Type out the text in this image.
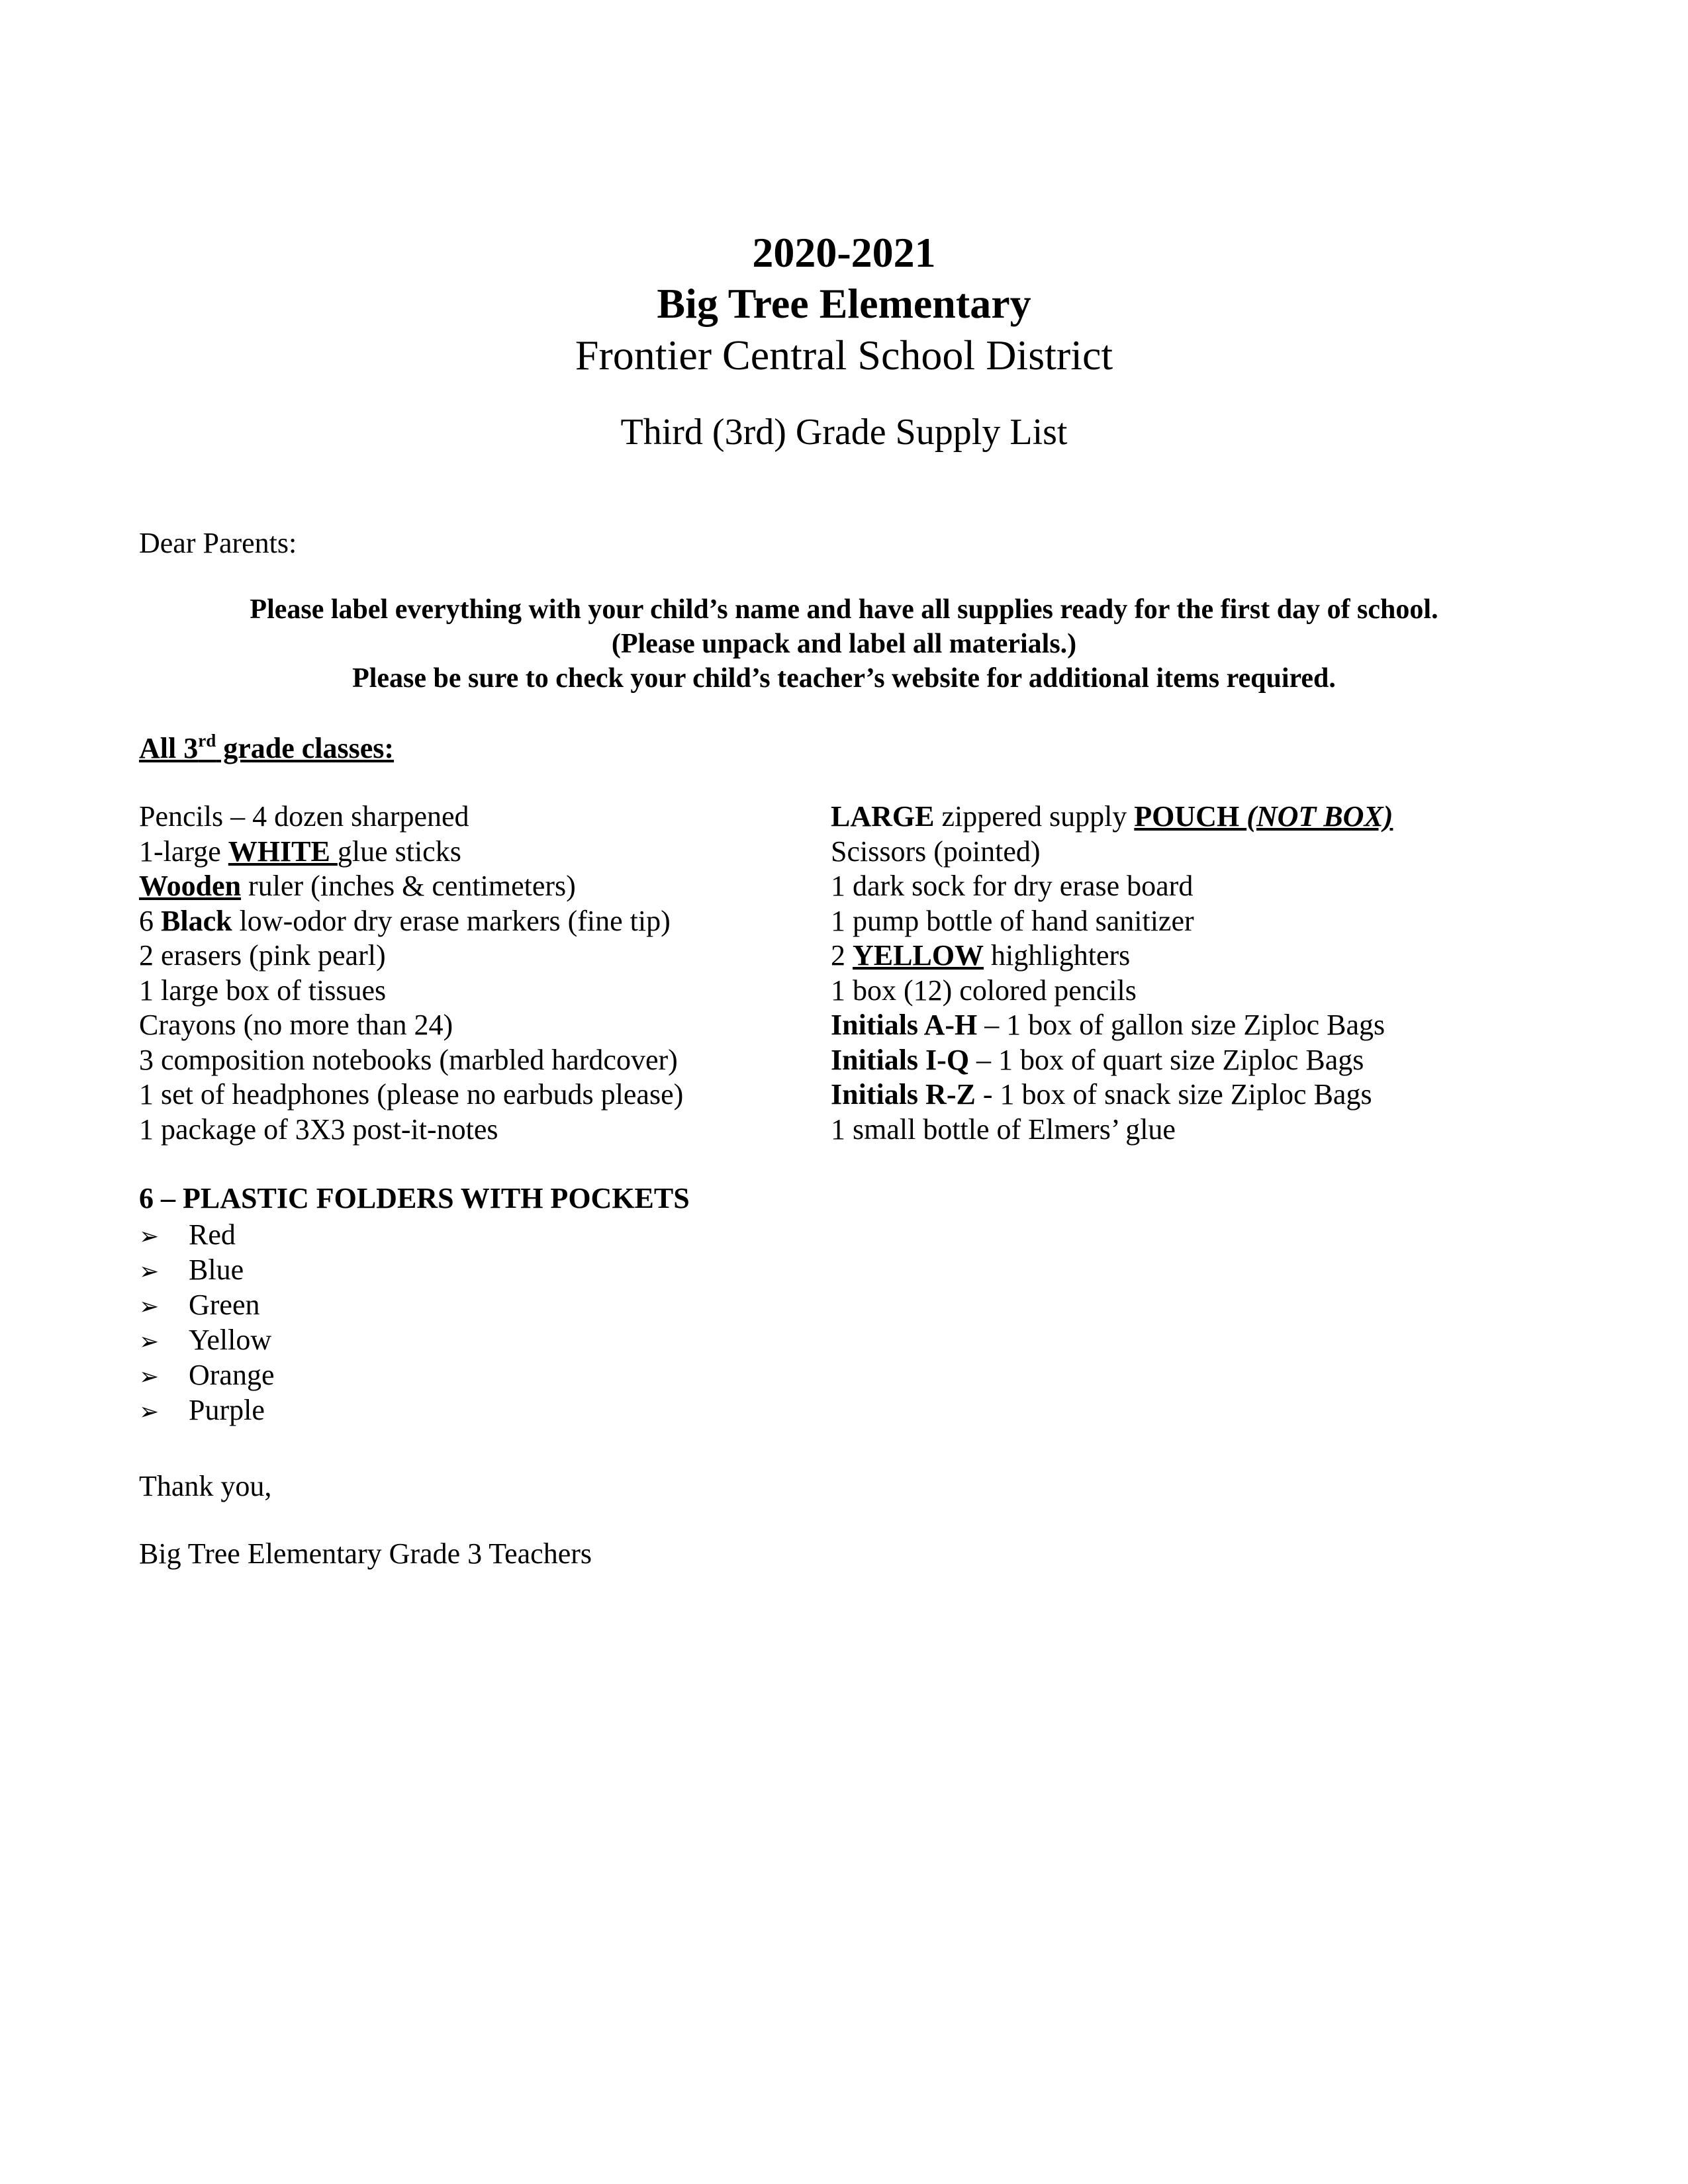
2020-2021
Big Tree Elementary
Frontier Central School District
Third (3rd) Grade Supply List
Dear Parents:
Please label everything with your child’s name and have all supplies ready for the first day of school.
(Please unpack and label all materials.)
Please be sure to check your child’s teacher’s website for additional items required.
All 3rd grade classes:
Pencils – 4 dozen sharpened
1-large WHITE glue sticks
Wooden ruler (inches & centimeters)
6 Black low-odor dry erase markers (fine tip)
2 erasers (pink pearl)
1 large box of tissues
Crayons (no more than 24)
3 composition notebooks (marbled hardcover)
1 set of headphones (please no earbuds please)
1 package of 3X3 post-it-notes
LARGE zippered supply POUCH (NOT BOX)
Scissors (pointed)
1 dark sock for dry erase board
1 pump bottle of hand sanitizer
2 YELLOW highlighters
1 box (12) colored pencils
Initials A-H – 1 box of gallon size Ziploc Bags
Initials I-Q – 1 box of quart size Ziploc Bags
Initials R-Z - 1 box of snack size Ziploc Bags
1 small bottle of Elmers’ glue
6 – PLASTIC FOLDERS WITH POCKETS
➢ Red
➢ Blue
➢ Green
➢ Yellow
➢ Orange
➢ Purple
Thank you,
Big Tree Elementary Grade 3 Teachers
